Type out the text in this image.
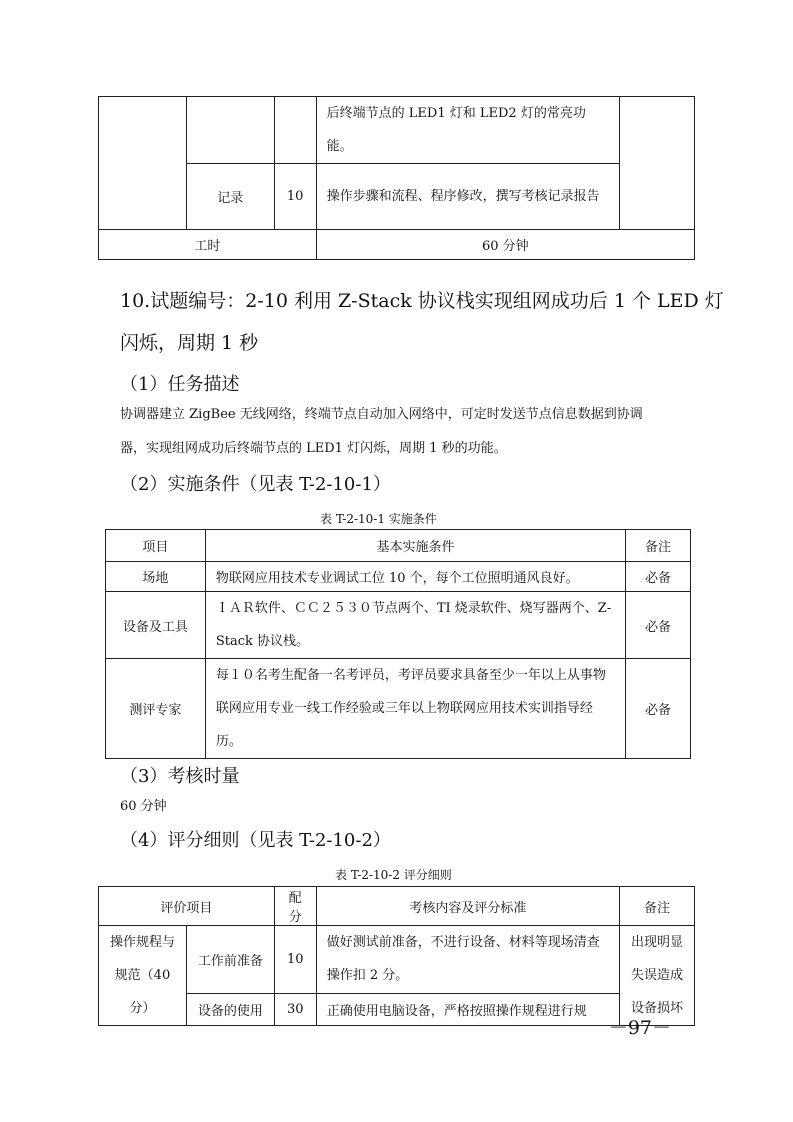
			后终端节点的 LED1 灯和 LED2 灯的常亮功能。	
	记录	10	操作步骤和流程、程序修改，撰写考核记录报告	
工时			60 分钟	
10.试题编号：2-10 利用 Z-Stack 协议栈实现组网成功后 1 个 LED 灯
闪烁，周期 1 秒
（1）任务描述
协调器建立 ZigBee 无线网络，终端节点自动加入网络中，可定时发送节点信息数据到协调
器，实现组网成功后终端节点的 LED1 灯闪烁，周期 1 秒的功能。
（2）实施条件（见表 T-2-10-1）
表 T-2-10-1 实施条件
项目	基本实施条件	备注
场地	物联网应用技术专业调试工位 10 个，每个工位照明通风良好。	必备
设备及工具	ＩＡＲ软件、ＣＣ２５３０节点两个、TI 烧录软件、烧写器两个、Z-Stack 协议栈。	必备
测评专家	每１０名考生配备一名考评员，考评员要求具备至少一年以上从事物联网应用专业一线工作经验或三年以上物联网应用技术实训指导经历。	必备
（3）考核时量
60 分钟
（4）评分细则（见表 T-2-10-2）
表 T-2-10-2 评分细则
评价项目		配分	考核内容及评分标准	备注
操作规程与规范（40 分）	工作前准备	10	做好测试前准备，不进行设备、材料等现场清查操作扣 2 分。	出现明显失误造成设备损坏
	设备的使用	30	正确使用电脑设备，严格按照操作规程进行规	
－97－
